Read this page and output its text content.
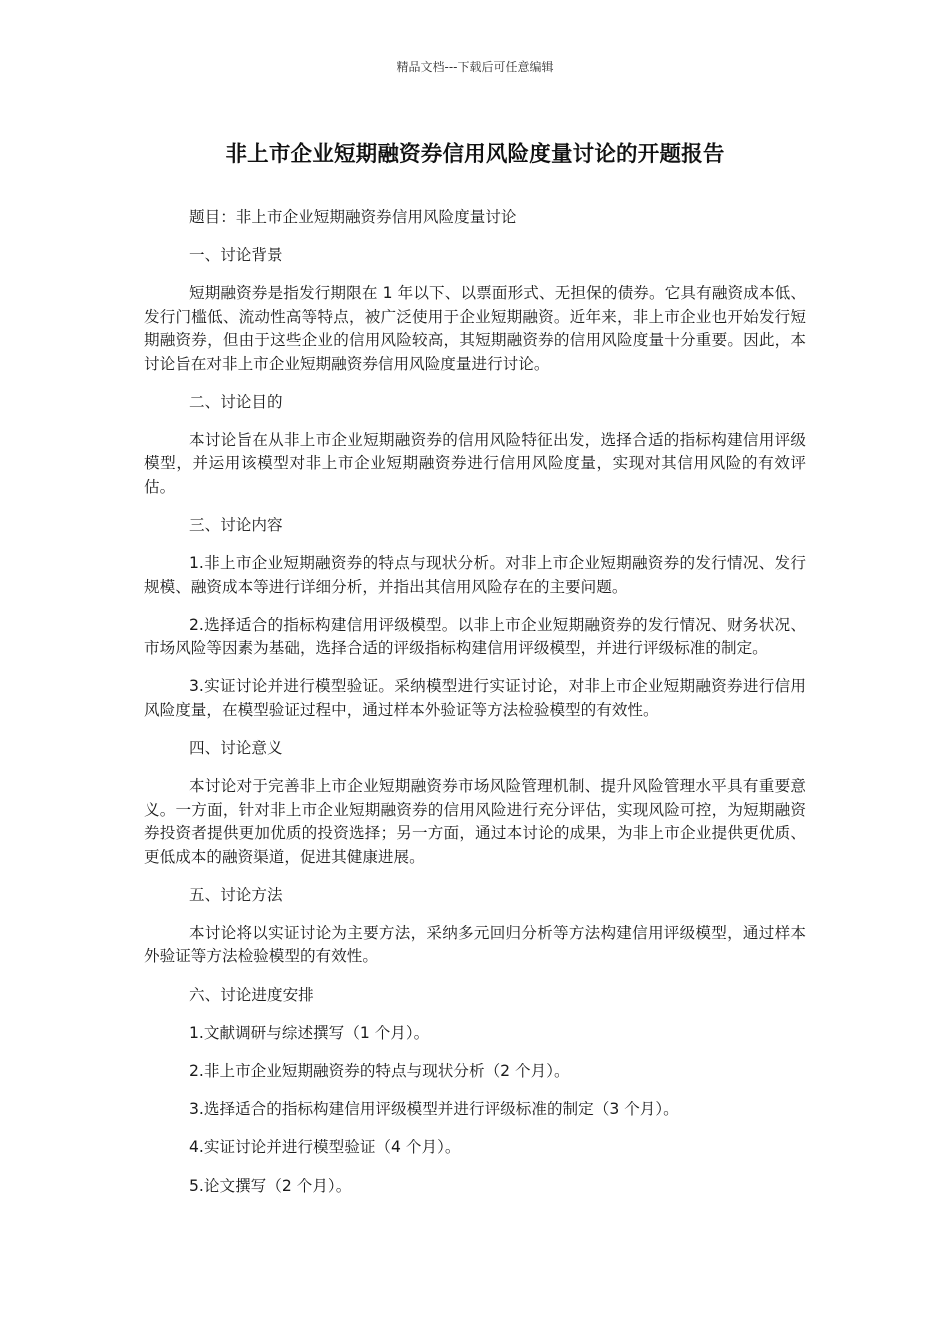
精品文档---下载后可任意编辑
非上市企业短期融资券信用风险度量讨论的开题报告

题目：非上市企业短期融资券信用风险度量讨论

一、讨论背景

短期融资券是指发行期限在 1 年以下、以票面形式、无担保的债券。它具有融资成本低、发行门槛低、流动性高等特点，被广泛使用于企业短期融资。近年来，非上市企业也开始发行短期融资券，但由于这些企业的信用风险较高，其短期融资券的信用风险度量十分重要。因此，本讨论旨在对非上市企业短期融资券信用风险度量进行讨论。

二、讨论目的

本讨论旨在从非上市企业短期融资券的信用风险特征出发，选择合适的指标构建信用评级模型，并运用该模型对非上市企业短期融资券进行信用风险度量，实现对其信用风险的有效评估。

三、讨论内容

1.非上市企业短期融资券的特点与现状分析。对非上市企业短期融资券的发行情况、发行规模、融资成本等进行详细分析，并指出其信用风险存在的主要问题。

2.选择适合的指标构建信用评级模型。以非上市企业短期融资券的发行情况、财务状况、市场风险等因素为基础，选择合适的评级指标构建信用评级模型，并进行评级标准的制定。

3.实证讨论并进行模型验证。采纳模型进行实证讨论，对非上市企业短期融资券进行信用风险度量，在模型验证过程中，通过样本外验证等方法检验模型的有效性。

四、讨论意义

本讨论对于完善非上市企业短期融资券市场风险管理机制、提升风险管理水平具有重要意义。一方面，针对非上市企业短期融资券的信用风险进行充分评估，实现风险可控，为短期融资券投资者提供更加优质的投资选择；另一方面，通过本讨论的成果，为非上市企业提供更优质、更低成本的融资渠道，促进其健康进展。

五、讨论方法

本讨论将以实证讨论为主要方法，采纳多元回归分析等方法构建信用评级模型，通过样本外验证等方法检验模型的有效性。

六、讨论进度安排

1.文献调研与综述撰写（1 个月）。

2.非上市企业短期融资券的特点与现状分析（2 个月）。

3.选择适合的指标构建信用评级模型并进行评级标准的制定（3 个月）。

4.实证讨论并进行模型验证（4 个月）。

5.论文撰写（2 个月）。
